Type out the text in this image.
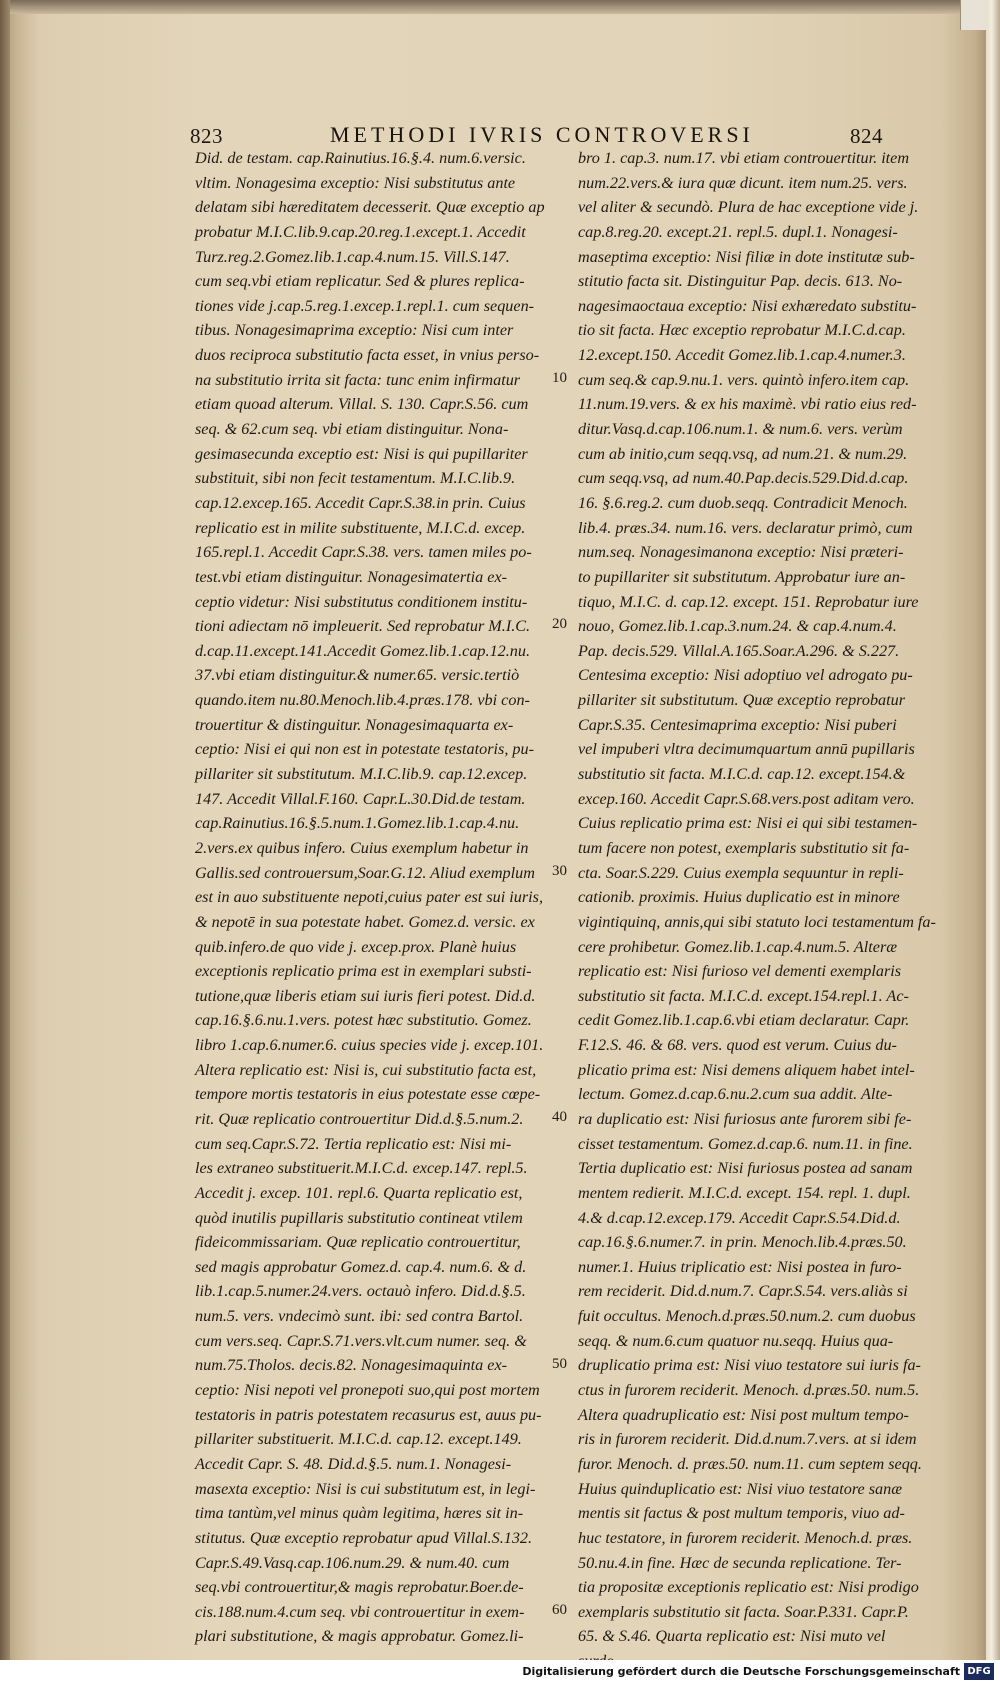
823	METHODI IVRIS CONTROVERSI	824
Did. de testam. cap.Rainutius.16.§.4. num.6.versic.
vltim. Nonagesima exceptio: Nisi substitutus ante
delatam sibi hæreditatem decesserit. Quæ exceptio ap
probatur M.I.C.lib.9.cap.20.reg.1.except.1. Accedit
Turz.reg.2.Gomez.lib.1.cap.4.num.15. Vill.S.147.
cum seq.vbi etiam replicatur. Sed & plures replica-
tiones vide j.cap.5.reg.1.excep.1.repl.1. cum sequen-
tibus. Nonagesimaprima exceptio: Nisi cum inter
duos reciproca substitutio facta esset, in vnius perso-
na substitutio irrita sit facta: tunc enim infirmatur
etiam quoad alterum. Villal. S. 130. Capr.S.56. cum
seq. & 62.cum seq. vbi etiam distinguitur. Nona-
gesimasecunda exceptio est: Nisi is qui pupillariter
substituit, sibi non fecit testamentum. M.I.C.lib.9.
cap.12.excep.165. Accedit Capr.S.38.in prin. Cuius
replicatio est in milite substituente, M.I.C.d. excep.
165.repl.1. Accedit Capr.S.38. vers. tamen miles po-
test.vbi etiam distinguitur. Nonagesimatertia ex-
ceptio videtur: Nisi substitutus conditionem institu-
tioni adiectam nō impleuerit. Sed reprobatur M.I.C.
d.cap.11.except.141.Accedit Gomez.lib.1.cap.12.nu.
37.vbi etiam distinguitur.& numer.65. versic.tertiò
quando.item nu.80.Menoch.lib.4.præs.178. vbi con-
trouertitur & distinguitur. Nonagesimaquarta ex-
ceptio: Nisi ei qui non est in potestate testatoris, pu-
pillariter sit substitutum. M.I.C.lib.9. cap.12.excep.
147. Accedit Villal.F.160. Capr.L.30.Did.de testam.
cap.Rainutius.16.§.5.num.1.Gomez.lib.1.cap.4.nu.
2.vers.ex quibus infero. Cuius exemplum habetur in
Gallis.sed controuersum,Soar.G.12. Aliud exemplum
est in auo substituente nepoti,cuius pater est sui iuris,
& nepotē in sua potestate habet. Gomez.d. versic. ex
quib.infero.de quo vide j. excep.prox. Planè huius
exceptionis replicatio prima est in exemplari substi-
tutione,quæ liberis etiam sui iuris fieri potest. Did.d.
cap.16.§.6.nu.1.vers. potest hæc substitutio. Gomez.
libro 1.cap.6.numer.6. cuius species vide j. excep.101.
Altera replicatio est: Nisi is, cui substitutio facta est,
tempore mortis testatoris in eius potestate esse cœpe-
rit. Quæ replicatio controuertitur Did.d.§.5.num.2.
cum seq.Capr.S.72. Tertia replicatio est: Nisi mi-
les extraneo substituerit.M.I.C.d. excep.147. repl.5.
Accedit j. excep. 101. repl.6. Quarta replicatio est,
quòd inutilis pupillaris substitutio contineat vtilem
fideicommissariam. Quæ replicatio controuertitur,
sed magis approbatur Gomez.d. cap.4. num.6. & d.
lib.1.cap.5.numer.24.vers. octauò infero. Did.d.§.5.
num.5. vers. vndecimò sunt. ibi: sed contra Bartol.
cum vers.seq. Capr.S.71.vers.vlt.cum numer. seq. &
num.75.Tholos. decis.82. Nonagesimaquinta ex-
ceptio: Nisi nepoti vel pronepoti suo,qui post mortem
testatoris in patris potestatem recasurus est, auus pu-
pillariter substituerit. M.I.C.d. cap.12. except.149.
Accedit Capr. S. 48. Did.d.§.5. num.1. Nonagesi-
masexta exceptio: Nisi is cui substitutum est, in legi-
tima tantùm,vel minus quàm legitima, hæres sit in-
stitutus. Quæ exceptio reprobatur apud Villal.S.132.
Capr.S.49.Vasq.cap.106.num.29. & num.40. cum
seq.vbi controuertitur,& magis reprobatur.Boer.de-
cis.188.num.4.cum seq. vbi controuertitur in exem-
plari substitutione, & magis approbatur. Gomez.li-
10
20
30
40
50
60
bro 1. cap.3. num.17. vbi etiam controuertitur. item
num.22.vers.& iura quæ dicunt. item num.25. vers.
vel aliter & secundò. Plura de hac exceptione vide j.
cap.8.reg.20. except.21. repl.5. dupl.1. Nonagesi-
maseptima exceptio: Nisi filiæ in dote institutæ sub-
stitutio facta sit. Distinguitur Pap. decis. 613. No-
nagesimaoctaua exceptio: Nisi exhæredato substitu-
tio sit facta. Hæc exceptio reprobatur M.I.C.d.cap.
12.except.150. Accedit Gomez.lib.1.cap.4.numer.3.
cum seq.& cap.9.nu.1. vers. quintò infero.item cap.
11.num.19.vers. & ex his maximè. vbi ratio eius red-
ditur.Vasq.d.cap.106.num.1. & num.6. vers. verùm
cum ab initio,cum seqq.vsq, ad num.21. & num.29.
cum seqq.vsq, ad num.40.Pap.decis.529.Did.d.cap.
16. §.6.reg.2. cum duob.seqq. Contradicit Menoch.
lib.4. præs.34. num.16. vers. declaratur primò, cum
num.seq. Nonagesimanona exceptio: Nisi præteri-
to pupillariter sit substitutum. Approbatur iure an-
tiquo, M.I.C. d. cap.12. except. 151. Reprobatur iure
nouo, Gomez.lib.1.cap.3.num.24. & cap.4.num.4.
Pap. decis.529. Villal.A.165.Soar.A.296. & S.227.
Centesima exceptio: Nisi adoptiuo vel adrogato pu-
pillariter sit substitutum. Quæ exceptio reprobatur
Capr.S.35. Centesimaprima exceptio: Nisi puberi
vel impuberi vltra decimumquartum annū pupillaris
substitutio sit facta. M.I.C.d. cap.12. except.154.&
excep.160. Accedit Capr.S.68.vers.post aditam vero.
Cuius replicatio prima est: Nisi ei qui sibi testamen-
tum facere non potest, exemplaris substitutio sit fa-
cta. Soar.S.229. Cuius exempla sequuntur in repli-
cationib. proximis. Huius duplicatio est in minore
vigintiquinq, annis,qui sibi statuto loci testamentum fa-
cere prohibetur. Gomez.lib.1.cap.4.num.5. Alteræ
replicatio est: Nisi furioso vel dementi exemplaris
substitutio sit facta. M.I.C.d. except.154.repl.1. Ac-
cedit Gomez.lib.1.cap.6.vbi etiam declaratur. Capr.
F.12.S. 46. & 68. vers. quod est verum. Cuius du-
plicatio prima est: Nisi demens aliquem habet intel-
lectum. Gomez.d.cap.6.nu.2.cum sua addit. Alte-
ra duplicatio est: Nisi furiosus ante furorem sibi fe-
cisset testamentum. Gomez.d.cap.6. num.11. in fine.
Tertia duplicatio est: Nisi furiosus postea ad sanam
mentem redierit. M.I.C.d. except. 154. repl. 1. dupl.
4.& d.cap.12.excep.179. Accedit Capr.S.54.Did.d.
cap.16.§.6.numer.7. in prin. Menoch.lib.4.præs.50.
numer.1. Huius triplicatio est: Nisi postea in furo-
rem reciderit. Did.d.num.7. Capr.S.54. vers.aliàs si
fuit occultus. Menoch.d.præs.50.num.2. cum duobus
seqq. & num.6.cum quatuor nu.seqq. Huius qua-
druplicatio prima est: Nisi viuo testatore sui iuris fa-
ctus in furorem reciderit. Menoch. d.præs.50. num.5.
Altera quadruplicatio est: Nisi post multum tempo-
ris in furorem reciderit. Did.d.num.7.vers. at si idem
furor. Menoch. d. præs.50. num.11. cum septem seqq.
Huius quinduplicatio est: Nisi viuo testatore sanæ
mentis sit factus & post multum temporis, viuo ad-
huc testatore, in furorem reciderit. Menoch.d. præs.
50.nu.4.in fine. Hæc de secunda replicatione. Ter-
tia propositæ exceptionis replicatio est: Nisi prodigo
exemplaris substitutio sit facta. Soar.P.331. Capr.P.
65. & S.46. Quarta replicatio est: Nisi muto vel
Digitalisierung gefördert durch die Deutsche Forschungsgemeinschaft DFG
